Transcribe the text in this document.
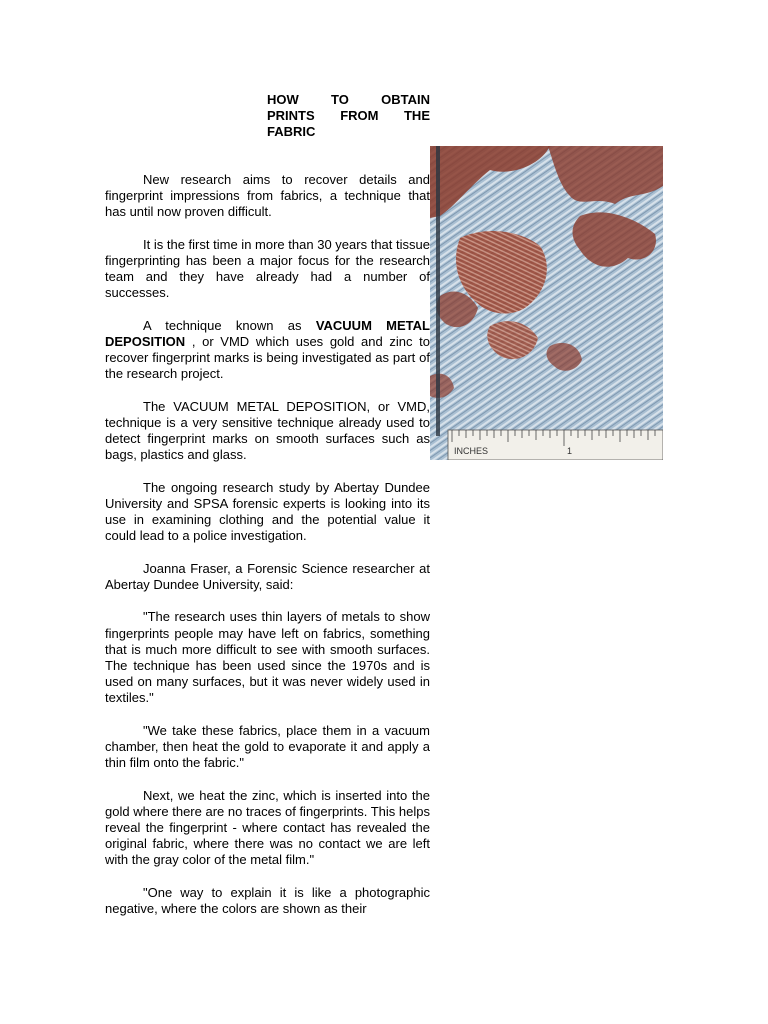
HOW TO OBTAIN
PRINTS FROM THE
FABRIC

New research aims to recover details and fingerprint impressions from fabrics, a technique that has until now proven difficult.

It is the first time in more than 30 years that tissue fingerprinting has been a major focus for the research team and they have already had a number of successes.

A technique known as VACUUM METAL DEPOSITION , or VMD which uses gold and zinc to recover fingerprint marks is being investigated as part of the research project.

The VACUUM METAL DEPOSITION, or VMD, technique is a very sensitive technique already used to detect fingerprint marks on smooth surfaces such as bags, plastics and glass.

The ongoing research study by Abertay Dundee University and SPSA forensic experts is looking into its use in examining clothing and the potential value it could lead to a police investigation.

Joanna Fraser, a Forensic Science researcher at Abertay Dundee University, said:

"The research uses thin layers of metals to show fingerprints people may have left on fabrics, something that is much more difficult to see with smooth surfaces. The technique has been used since the 1970s and is used on many surfaces, but it was never widely used in textiles."

"We take these fabrics, place them in a vacuum chamber, then heat the gold to evaporate it and apply a thin film onto the fabric."

Next, we heat the zinc, which is inserted into the gold where there are no traces of fingerprints. This helps reveal the fingerprint - where contact has revealed the original fabric, where there was no contact we are left with the gray color of the metal film."

"One way to explain it is like a photographic negative, where the colors are shown as their

INCHES	1
